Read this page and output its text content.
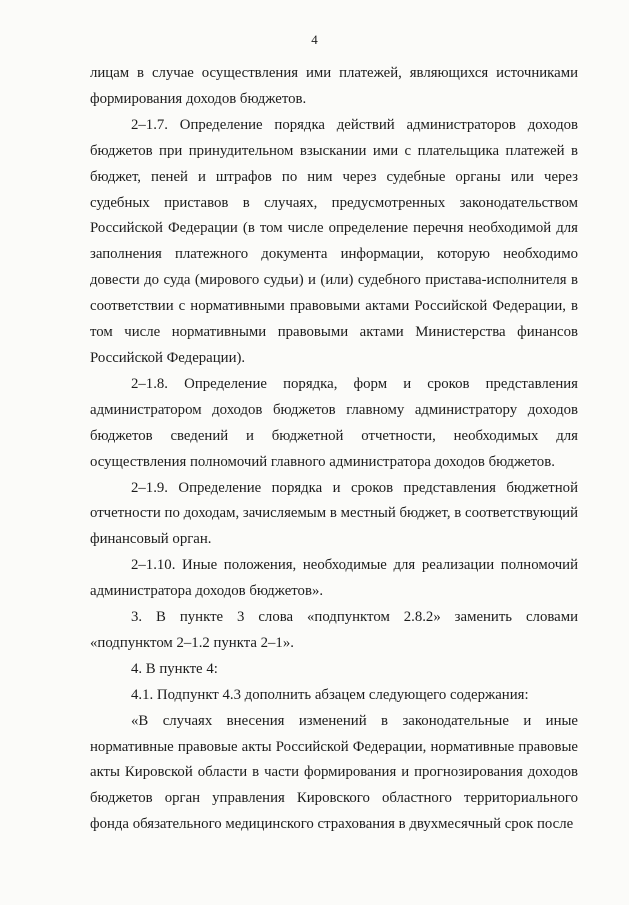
4

лицам в случае осуществления ими платежей, являющихся источниками формирования доходов бюджетов.

2–1.7. Определение порядка действий администраторов доходов бюджетов при принудительном взыскании ими с плательщика платежей в бюджет, пеней и штрафов по ним через судебные органы или через судебных приставов в случаях, предусмотренных законодательством Российской Федерации (в том числе определение перечня необходимой для заполнения платежного документа информации, которую необходимо довести до суда (мирового судьи) и (или) судебного пристава-исполнителя в соответствии с нормативными правовыми актами Российской Федерации, в том числе нормативными правовыми актами Министерства финансов Российской Федерации).

2–1.8. Определение порядка, форм и сроков представления администратором доходов бюджетов главному администратору доходов бюджетов сведений и бюджетной отчетности, необходимых для осуществления полномочий главного администратора доходов бюджетов.

2–1.9. Определение порядка и сроков представления бюджетной отчетности по доходам, зачисляемым в местный бюджет, в соответствующий финансовый орган.

2–1.10. Иные положения, необходимые для реализации полномочий администратора доходов бюджетов».

3. В пункте 3 слова «подпунктом 2.8.2» заменить словами «подпунктом 2–1.2 пункта 2–1».

4. В пункте 4:

4.1. Подпункт 4.3 дополнить абзацем следующего содержания:

«В случаях внесения изменений в законодательные и иные нормативные правовые акты Российской Федерации, нормативные правовые акты Кировской области в части формирования и прогнозирования доходов бюджетов орган управления Кировского областного территориального фонда обязательного медицинского страхования в двухмесячный срок после
